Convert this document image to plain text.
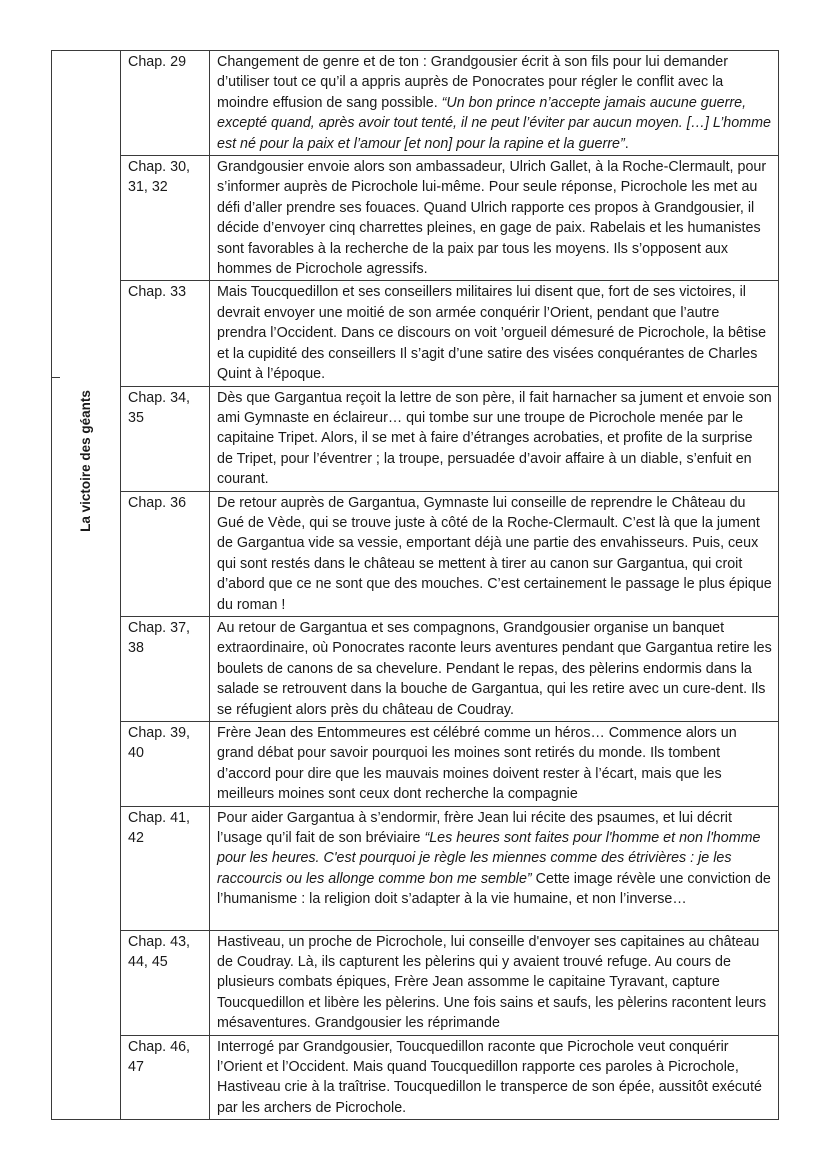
La victoire des géants	Chap. 29	Changement de genre et de ton : Grandgousier écrit à son fils pour lui demander d’utiliser tout ce qu’il a appris auprès de Ponocrates pour régler le conflit avec la moindre effusion de sang possible. “Un bon prince n’accepte jamais aucune guerre, excepté quand, après avoir tout tenté, il ne peut l’éviter par aucun moyen. […] L’homme est né pour la paix et l’amour [et non] pour la rapine et la guerre”.
	Chap. 30, 31, 32	Grandgousier envoie alors son ambassadeur, Ulrich Gallet, à la Roche-Clermault, pour s’informer auprès de Picrochole lui-même. Pour seule réponse, Picrochole les met au défi d’aller prendre ses fouaces. Quand Ulrich rapporte ces propos à Grandgousier, il décide d’envoyer cinq charrettes pleines, en gage de paix. Rabelais et les humanistes sont favorables à la recherche de la paix par tous les moyens. Ils s’opposent aux hommes de Picrochole agressifs.
	Chap. 33	Mais Toucquedillon et ses conseillers militaires lui disent que, fort de ses victoires, il devrait envoyer une moitié de son armée conquérir l’Orient, pendant que l’autre prendra l’Occident. Dans ce discours on voit ’orgueil démesuré de Picrochole, la bêtise et la cupidité des conseillers Il s’agit d’une satire des visées conquérantes de Charles Quint à l’époque.
	Chap. 34, 35	Dès que Gargantua reçoit la lettre de son père, il fait harnacher sa jument et envoie son ami Gymnaste en éclaireur… qui tombe sur une troupe de Picrochole menée par le capitaine Tripet. Alors, il se met à faire d’étranges acrobaties, et profite de la surprise de Tripet, pour l’éventrer ; la troupe, persuadée d’avoir affaire à un diable, s’enfuit en courant.
	Chap. 36	De retour auprès de Gargantua, Gymnaste lui conseille de reprendre le Château du Gué de Vède, qui se trouve juste à côté de la Roche-Clermault. C’est là que la jument de Gargantua vide sa vessie, emportant déjà une partie des envahisseurs. Puis, ceux qui sont restés dans le château se mettent à tirer au canon sur Gargantua, qui croit d’abord que ce ne sont que des mouches. C’est certainement le passage le plus épique du roman !
	Chap. 37, 38	Au retour de Gargantua et ses compagnons, Grandgousier organise un banquet extraordinaire, où Ponocrates raconte leurs aventures pendant que Gargantua retire les boulets de canons de sa chevelure. Pendant le repas, des pèlerins endormis dans la salade se retrouvent dans la bouche de Gargantua, qui les retire avec un cure-dent. Ils se réfugient alors près du château de Coudray.
	Chap. 39, 40	Frère Jean des Entommeures est célébré comme un héros… Commence alors un grand débat pour savoir pourquoi les moines sont retirés du monde. Ils tombent d’accord pour dire que les mauvais moines doivent rester à l’écart, mais que les meilleurs moines sont ceux dont recherche la compagnie
	Chap. 41, 42	Pour aider Gargantua à s’endormir, frère Jean lui récite des psaumes, et lui décrit l’usage qu’il fait de son bréviaire “Les heures sont faites pour l'homme et non l'homme pour les heures. C'est pourquoi je règle les miennes comme des étrivières : je les raccourcis ou les allonge comme bon me semble” Cette image révèle une conviction de l’humanisme : la religion doit s’adapter à la vie humaine, et non l’inverse…
	Chap. 43, 44, 45	Hastiveau, un proche de Picrochole, lui conseille d'envoyer ses capitaines au château de Coudray. Là, ils capturent les pèlerins qui y avaient trouvé refuge. Au cours de plusieurs combats épiques, Frère Jean assomme le capitaine Tyravant, capture Toucquedillon et libère les pèlerins. Une fois sains et saufs, les pèlerins racontent leurs mésaventures. Grandgousier les réprimande
	Chap. 46, 47	Interrogé par Grandgousier, Toucquedillon raconte que Picrochole veut conquérir l’Orient et l’Occident. Mais quand Toucquedillon rapporte ces paroles à Picrochole, Hastiveau crie à la traîtrise. Toucquedillon le transperce de son épée, aussitôt exécuté par les archers de Picrochole.
